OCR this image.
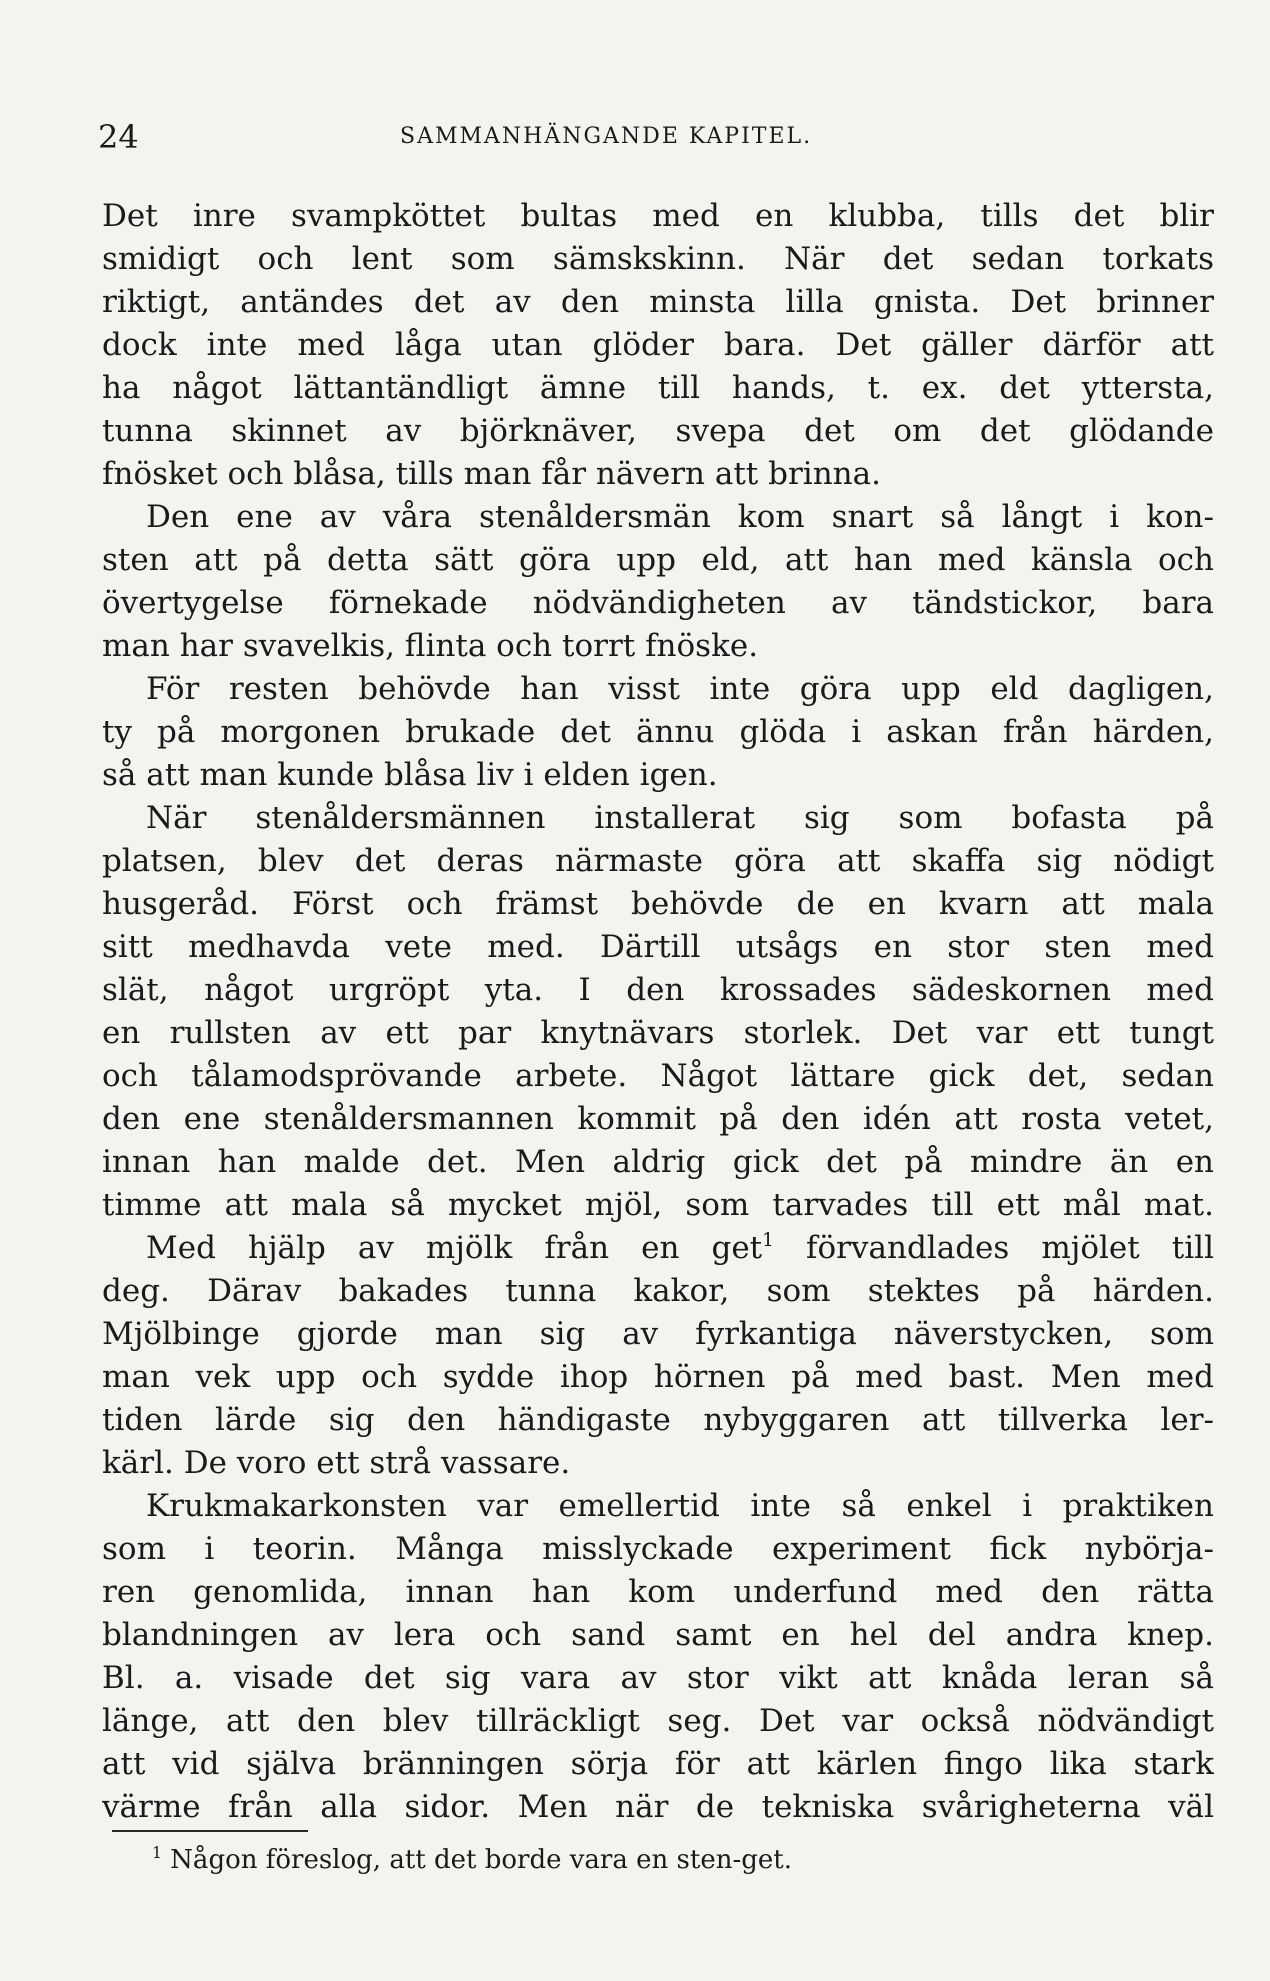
24	SAMMANHÄNGANDE KAPITEL.
Det inre svampköttet bultas med en klubba, tills det blir
smidigt och lent som sämskskinn. När det sedan torkats
riktigt, antändes det av den minsta lilla gnista. Det brinner
dock inte med låga utan glöder bara. Det gäller därför att
ha något lättantändligt ämne till hands, t. ex. det yttersta,
tunna skinnet av björknäver, svepa det om det glödande
fnösket och blåsa, tills man får nävern att brinna.
Den ene av våra stenåldersmän kom snart så långt i kon-
sten att på detta sätt göra upp eld, att han med känsla och
övertygelse förnekade nödvändigheten av tändstickor, bara
man har svavelkis, flinta och torrt fnöske.
För resten behövde han visst inte göra upp eld dagligen,
ty på morgonen brukade det ännu glöda i askan från härden,
så att man kunde blåsa liv i elden igen.
När stenåldersmännen installerat sig som bofasta på
platsen, blev det deras närmaste göra att skaffa sig nödigt
husgeråd. Först och främst behövde de en kvarn att mala
sitt medhavda vete med. Därtill utsågs en stor sten med
slät, något urgröpt yta. I den krossades sädeskornen med
en rullsten av ett par knytnävars storlek. Det var ett tungt
och tålamodsprövande arbete. Något lättare gick det, sedan
den ene stenåldersmannen kommit på den idén att rosta vetet,
innan han malde det. Men aldrig gick det på mindre än en
timme att mala så mycket mjöl, som tarvades till ett mål mat.
Med hjälp av mjölk från en get$^1$ förvandlades mjölet till
deg. Därav bakades tunna kakor, som stektes på härden.
Mjölbinge gjorde man sig av fyrkantiga näverstycken, som
man vek upp och sydde ihop hörnen på med bast. Men med
tiden lärde sig den händigaste nybyggaren att tillverka ler-
kärl. De voro ett strå vassare.
Krukmakarkonsten var emellertid inte så enkel i praktiken
som i teorin. Många misslyckade experiment fick nybörja-
ren genomlida, innan han kom underfund med den rätta
blandningen av lera och sand samt en hel del andra knep.
Bl. a. visade det sig vara av stor vikt att knåda leran så
länge, att den blev tillräckligt seg. Det var också nödvändigt
att vid själva bränningen sörja för att kärlen fingo lika stark
värme från alla sidor. Men när de tekniska svårigheterna väl
$^1$ Någon föreslog, att det borde vara en sten-get.
